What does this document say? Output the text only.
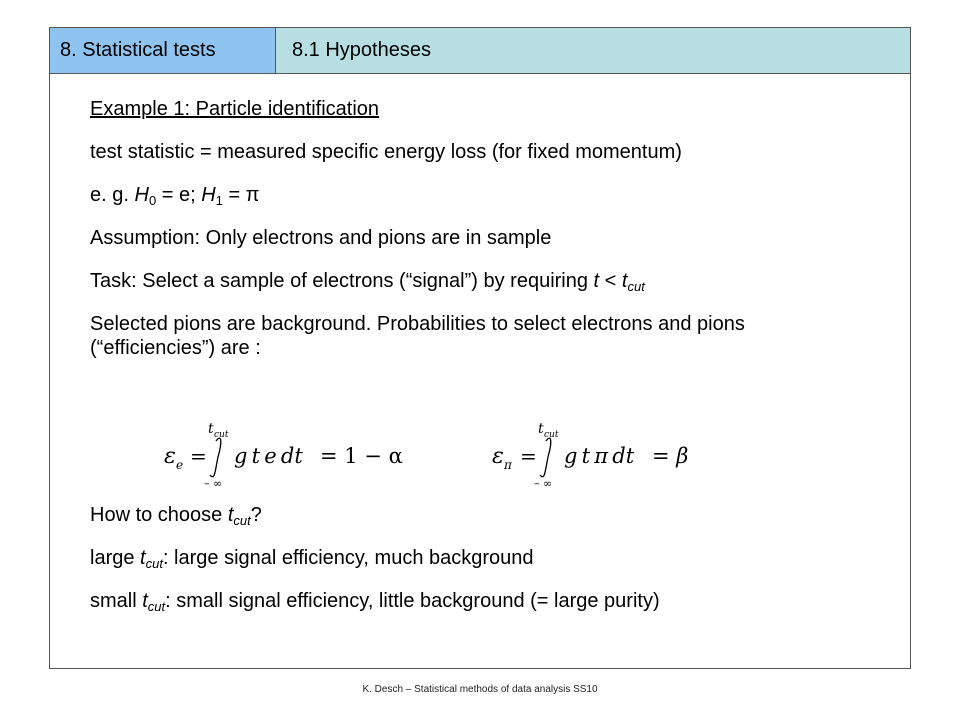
8. Statistical tests	8.1 Hypotheses
Example 1: Particle identification
test statistic = measured specific energy loss (for fixed momentum)
e. g. $H_0 = e$; $H_1 = \pi$
Assumption: Only electrons and pions are in sample
Task: Select a sample of electrons (“signal”) by requiring $t < t_{cut}$
Selected pions are background. Probabilities to select electrons and pions (“efficiencies”) are :
ε e =
t cut
– ∞
g t e dt = 1 − α	ε π =
t cut
– ∞
g t π dt = β
How to choose $t_{cut}$?
large $t_{cut}$: large signal efficiency, much background
small $t_{cut}$: small signal efficiency, little background (= large purity)
K. Desch – Statistical methods of data analysis SS10
